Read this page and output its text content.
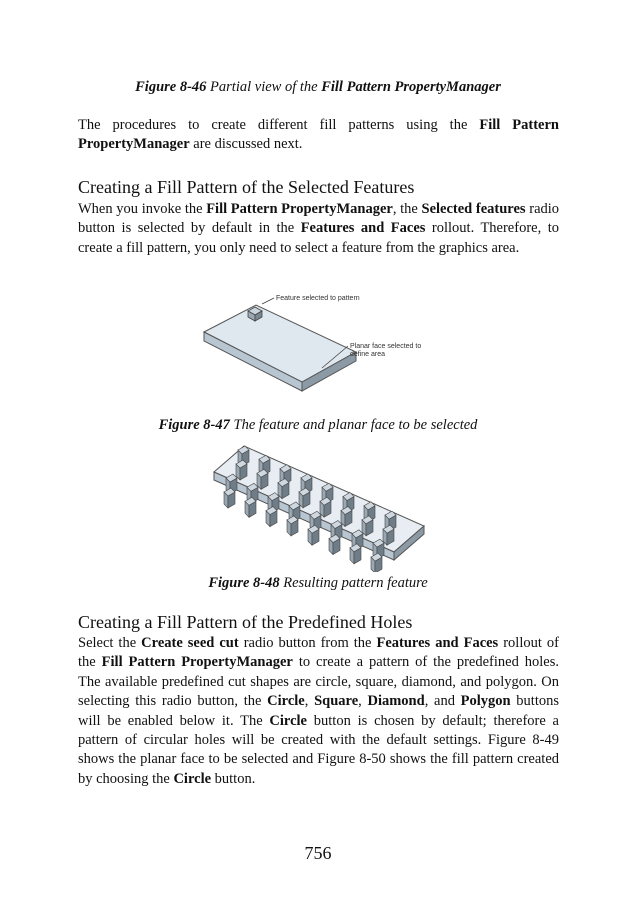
Figure 8-46 Partial view of the Fill Pattern PropertyManager

The procedures to create different fill patterns using the Fill Pattern PropertyManager are discussed next.

Creating a Fill Pattern of the Selected Features

When you invoke the Fill Pattern PropertyManager, the Selected features radio button is selected by default in the Features and Faces rollout. Therefore, to create a fill pattern, you only need to select a feature from the graphics area.

Feature selected to pattern
Planar face selected to
define area
Figure 8-47 The feature and planar face to be selected
Figure 8-48 Resulting pattern feature
Creating a Fill Pattern of the Predefined Holes

Select the Create seed cut radio button from the Features and Faces rollout of the Fill Pattern PropertyManager to create a pattern of the predefined holes. The available predefined cut shapes are circle, square, diamond, and polygon. On selecting this radio button, the Circle, Square, Diamond, and Polygon buttons will be enabled below it. The Circle button is chosen by default; therefore a pattern of circular holes will be created with the default settings. Figure 8-49 shows the planar face to be selected and Figure 8-50 shows the fill pattern created by choosing the Circle button.

756
